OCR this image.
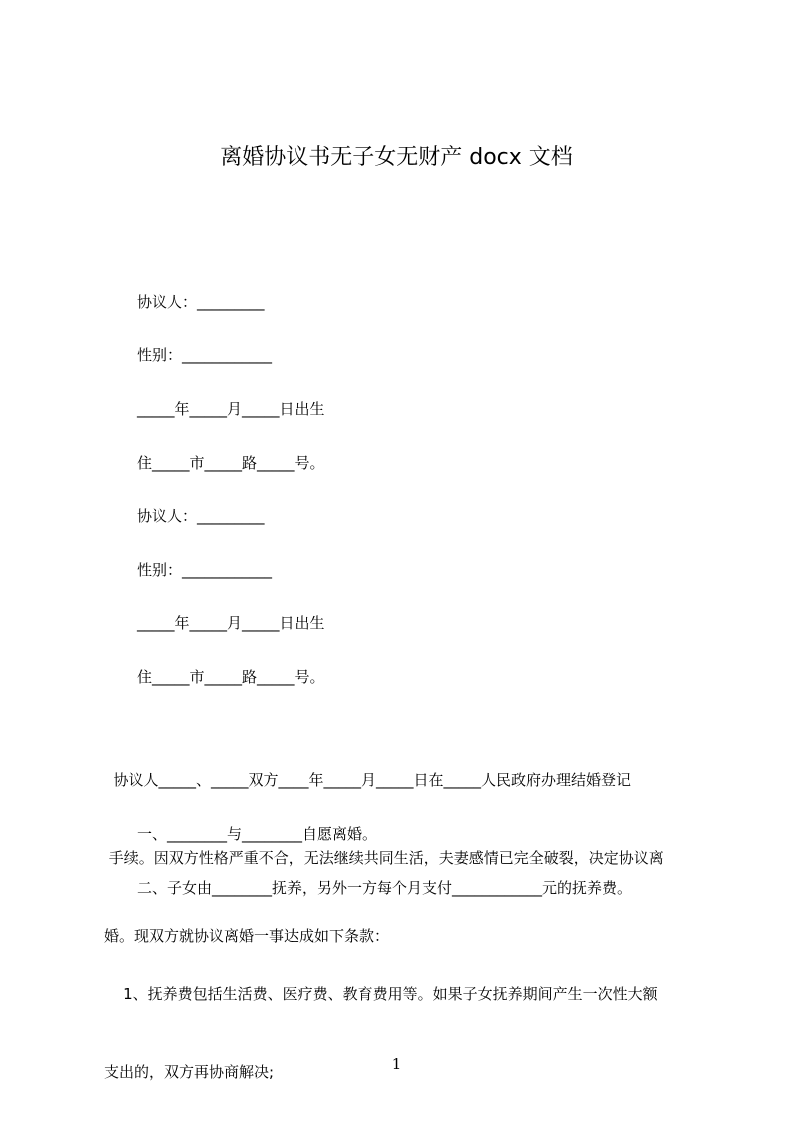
离婚协议书无子女无财产 docx 文档
协议人：_________
性别：____________
_____年_____月_____日出生
住_____市_____路_____号。
协议人：_________
性别：____________
_____年_____月_____日出生
住_____市_____路_____号。

协议人_____、_____双方____年_____月_____日在_____人民政府办理结婚登记

手续。因双方性格严重不合，无法继续共同生活，夫妻感情已完全破裂，决定协议离

婚。现双方就协议离婚一事达成如下条款：

一、________与________自愿离婚。
二、子女由________抚养，另外一方每个月支付____________元的抚养费。

1、抚养费包括生活费、医疗费、教育费用等。如果子女抚养期间产生一次性大额

支出的，双方再协商解决;	1
